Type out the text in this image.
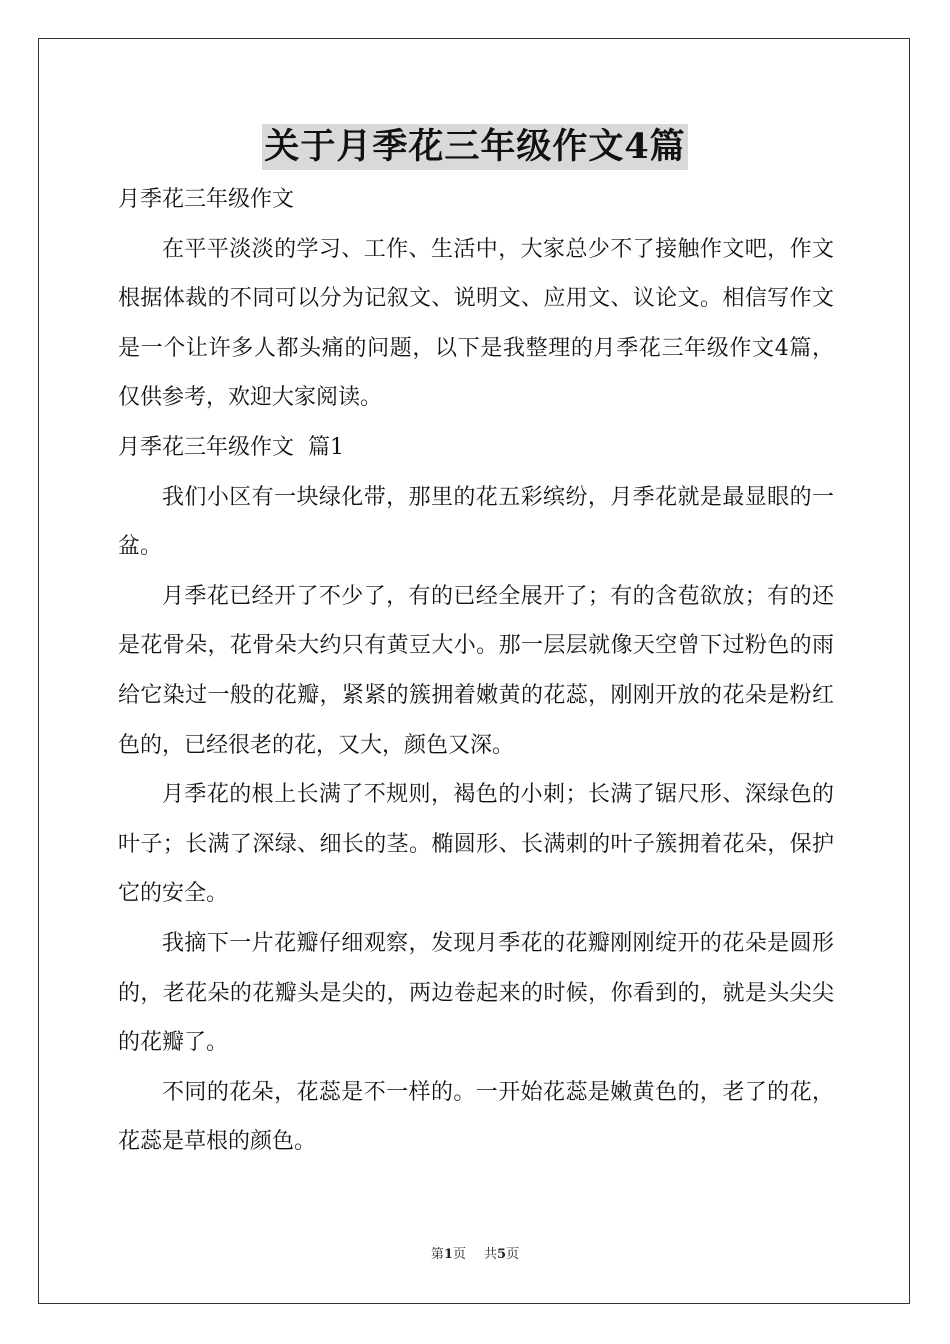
关于月季花三年级作文4篇

月季花三年级作文

在平平淡淡的学习、工作、生活中，大家总少不了接触作文吧，作文根据体裁的不同可以分为记叙文、说明文、应用文、议论文。相信写作文是一个让许多人都头痛的问题，以下是我整理的月季花三年级作文4篇，仅供参考，欢迎大家阅读。

月季花三年级作文  篇1

我们小区有一块绿化带，那里的花五彩缤纷，月季花就是最显眼的一盆。

月季花已经开了不少了，有的已经全展开了；有的含苞欲放；有的还是花骨朵，花骨朵大约只有黄豆大小。那一层层就像天空曾下过粉色的雨给它染过一般的花瓣，紧紧的簇拥着嫩黄的花蕊，刚刚开放的花朵是粉红色的，已经很老的花，又大，颜色又深。

月季花的根上长满了不规则，褐色的小刺；长满了锯尺形、深绿色的叶子；长满了深绿、细长的茎。椭圆形、长满刺的叶子簇拥着花朵，保护它的安全。

我摘下一片花瓣仔细观察，发现月季花的花瓣刚刚绽开的花朵是圆形的，老花朵的花瓣头是尖的，两边卷起来的时候，你看到的，就是头尖尖的花瓣了。

不同的花朵，花蕊是不一样的。一开始花蕊是嫩黄色的，老了的花，花蕊是草根的颜色。

第1页 共5页
